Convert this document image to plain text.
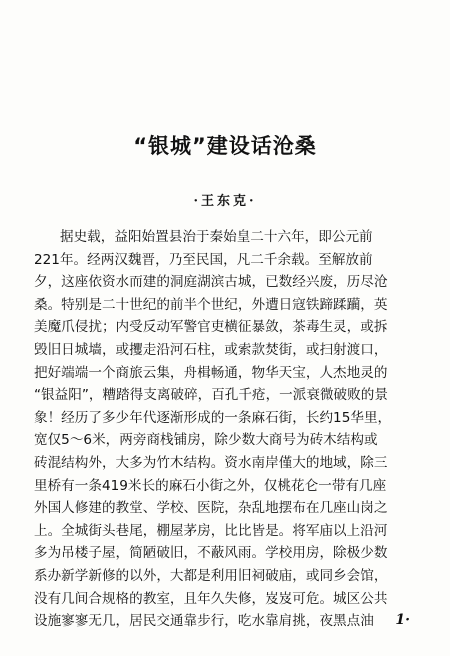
“银城”建设话沧桑
·王东克·
据史载，益阳始置县治于秦始皇二十六年，即公元前
221年。经两汉魏晋，乃至民国，凡二千余载。至解放前
夕，这座依资水而建的洞庭湖滨古城，已数经兴废，历尽沧
桑。特别是二十世纪的前半个世纪，外遭日寇铁蹄蹂躏，英
美魔爪侵扰；内受反动军警官吏横征暴敛，茶毒生灵，或拆
毁旧日城墙，或攫走沿河石柱，或索款焚街，或扫射渡口，
把好端端一个商旅云集，舟楫畅通，物华天宝，人杰地灵的
“银益阳”，糟踏得支离破碎，百孔千疮，一派衰微破败的景
象！经历了多少年代逐渐形成的一条麻石街，长约15华里，
宽仅5～6米，两旁商栈铺房，除少数大商号为砖木结构或
砖混结构外，大多为竹木结构。资水南岸僅大的地域，除三
里桥有一条419米长的麻石小街之外，仅桃花仑一带有几座
外国人修建的教堂、学校、医院，杂乱地摆布在几座山岗之
上。全城街头巷尾，棚屋茅房，比比皆是。将军庙以上沿河
多为吊楼子屋，简陋破旧，不蔽风雨。学校用房，除极少数
系办新学新修的以外，大都是利用旧祠破庙，或同乡会馆，
没有几间合规格的教室，且年久失修，岌岌可危。城区公共
设施寥寥无几，居民交通靠步行，吃水靠肩挑，夜黑点油	1·
